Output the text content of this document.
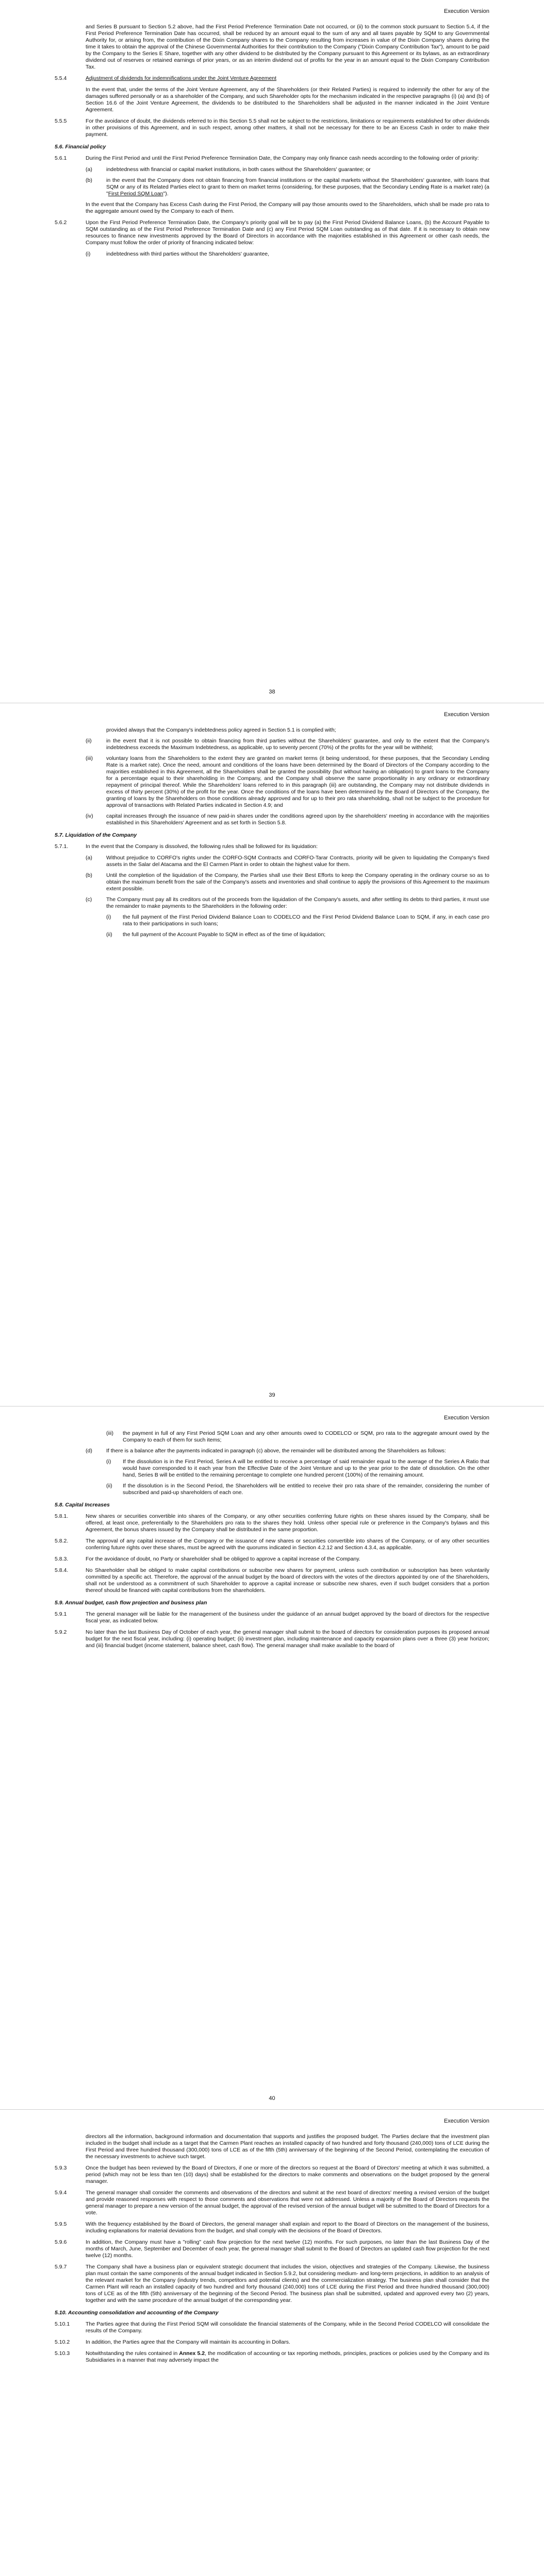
Execution Version
and Series B pursuant to Section 5.2 above, had the First Period Preference Termination Date not occurred, or (ii) to the common stock pursuant to Section 5.4, if the First Period Preference Termination Date has occurred, shall be reduced by an amount equal to the sum of any and all taxes payable by SQM to any Governmental Authority for, or arising from, the contribution of the Dixin Company shares to the Company resulting from increases in value of the Dixin Company shares during the time it takes to obtain the approval of the Chinese Governmental Authorities for their contribution to the Company ("Dixin Company Contribution Tax"), amount to be paid by the Company to the Series E Share, together with any other dividend to be distributed by the Company pursuant to this Agreement or its bylaws, as an extraordinary dividend out of reserves or retained earnings of prior years, or as an interim dividend out of profits for the year in an amount equal to the Dixin Company Contribution Tax.
5.5.4	Adjustment of dividends for indemnifications under the Joint Venture Agreement
In the event that, under the terms of the Joint Venture Agreement, any of the Shareholders (or their Related Parties) is required to indemnify the other for any of the damages suffered personally or as a shareholder of the Company, and such Shareholder opts for the mechanism indicated in the respective paragraphs (i) (a) and (b) of Section 16.6 of the Joint Venture Agreement, the dividends to be distributed to the Shareholders shall be adjusted in the manner indicated in the Joint Venture Agreement.
5.5.5	For the avoidance of doubt, the dividends referred to in this Section 5.5 shall not be subject to the restrictions, limitations or requirements established for other dividends in other provisions of this Agreement, and in such respect, among other matters, it shall not be necessary for there to be an Excess Cash in order to make their payment.
5.6. Financial policy
5.6.1	During the First Period and until the First Period Preference Termination Date, the Company may only finance cash needs according to the following order of priority:
(a)	indebtedness with financial or capital market institutions, in both cases without the Shareholders' guarantee; or
(b)	in the event that the Company does not obtain financing from financial institutions or the capital markets without the Shareholders' guarantee, with loans that SQM or any of its Related Parties elect to grant to them on market terms (considering, for these purposes, that the Secondary Lending Rate is a market rate) (a "First Period SQM Loan").
In the event that the Company has Excess Cash during the First Period, the Company will pay those amounts owed to the Shareholders, which shall be made pro rata to the aggregate amount owed by the Company to each of them.
5.6.2	Upon the First Period Preference Termination Date, the Company's priority goal will be to pay (a) the First Period Dividend Balance Loans, (b) the Account Payable to SQM outstanding as of the First Period Preference Termination Date and (c) any First Period SQM Loan outstanding as of that date. If it is necessary to obtain new resources to finance new investments approved by the Board of Directors in accordance with the majorities established in this Agreement or other cash needs, the Company must follow the order of priority of financing indicated below:
(i)	indebtedness with third parties without the Shareholders' guarantee,
38
Execution Version
provided always that the Company's indebtedness policy agreed in Section 5.1 is complied with;
(ii)	in the event that it is not possible to obtain financing from third parties without the Shareholders' guarantee, and only to the extent that the Company's indebtedness exceeds the Maximum Indebtedness, as applicable, up to seventy percent (70%) of the profits for the year will be withheld;
(iii) voluntary loans from the Shareholders to the extent they are granted on market terms (it being understood, for these purposes, that the Secondary Lending Rate is a market rate). Once the need, amount and conditions of the loans have been determined by the Board of Directors of the Company according to the majorities established in this Agreement, all the Shareholders shall be granted the possibility (but without having an obligation) to grant loans to the Company for a percentage equal to their shareholding in the Company, and the Company shall observe the same proportionality in any ordinary or extraordinary repayment of principal thereof. While the Shareholders' loans referred to in this paragraph (iii) are outstanding, the Company may not distribute dividends in excess of thirty percent (30%) of the profit for the year. Once the conditions of the loans have been determined by the Board of Directors of the Company, the granting of loans by the Shareholders on those conditions already approved and for up to their pro rata shareholding, shall not be subject to the procedure for approval of transactions with Related Parties indicated in Section 4.9; and
(iv) capital increases through the issuance of new paid-in shares under the conditions agreed upon by the shareholders' meeting in accordance with the majorities established in this Shareholders' Agreement and as set forth in Section 5.8.
5.7. Liquidation of the Company
5.7.1.	In the event that the Company is dissolved, the following rules shall be followed for its liquidation:
(a)	Without prejudice to CORFO's rights under the CORFO-SQM Contracts and CORFO-Tarar Contracts, priority will be given to liquidating the Company's fixed assets in the Salar del Atacama and the El Carmen Plant in order to obtain the highest value for them.
(b)	Until the completion of the liquidation of the Company, the Parties shall use their Best Efforts to keep the Company operating in the ordinary course so as to obtain the maximum benefit from the sale of the Company's assets and inventories and shall continue to apply the provisions of this Agreement to the maximum extent possible.
(c)	The Company must pay all its creditors out of the proceeds from the liquidation of the Company's assets, and after settling its debts to third parties, it must use the remainder to make payments to the Shareholders in the following order:
(i) the full payment of the First Period Dividend Balance Loan to CODELCO and the First Period Dividend Balance Loan to SQM, if any, in each case pro rata to their participations in such loans;
(ii) the full payment of the Account Payable to SQM in effect as of the time of liquidation;
39
Execution Version
(iii) the payment in full of any First Period SQM Loan and any other amounts owed to CODELCO or SQM, pro rata to the aggregate amount owed by the Company to each of them for such items;
(d)	If there is a balance after the payments indicated in paragraph (c) above, the remainder will be distributed among the Shareholders as follows:
(i) If the dissolution is in the First Period, Series A will be entitled to receive a percentage of said remainder equal to the average of the Series A Ratio that would have corresponded to it each year from the Effective Date of the Joint Venture and up to the year prior to the date of dissolution. On the other hand, Series B will be entitled to the remaining percentage to complete one hundred percent (100%) of the remaining amount.
(ii) If the dissolution is in the Second Period, the Shareholders will be entitled to receive their pro rata share of the remainder, considering the number of subscribed and paid-up shareholders of each one.
5.8. Capital Increases
5.8.1.	New shares or securities convertible into shares of the Company, or any other securities conferring future rights on these shares issued by the Company, shall be offered, at least once, preferentially to the Shareholders pro rata to the shares they hold. Unless other special rule or preference in the Company's bylaws and this Agreement, the bonus shares issued by the Company shall be distributed in the same proportion.
5.8.2.	The approval of any capital increase of the Company or the issuance of new shares or securities convertible into shares of the Company, or of any other securities conferring future rights over these shares, must be agreed with the quorums indicated in Section 4.2.12 and Section 4.3.4, as applicable.
5.8.3.	For the avoidance of doubt, no Party or shareholder shall be obliged to approve a capital increase of the Company.
5.8.4.	No Shareholder shall be obliged to make capital contributions or subscribe new shares for payment, unless such contribution or subscription has been voluntarily committed by a specific act. Therefore, the approval of the annual budget by the board of directors with the votes of the directors appointed by one of the Shareholders, shall not be understood as a commitment of such Shareholder to approve a capital increase or subscribe new shares, even if such budget considers that a portion thereof should be financed with capital contributions from the shareholders.
5.9. Annual budget, cash flow projection and business plan
5.9.1	The general manager will be liable for the management of the business under the guidance of an annual budget approved by the board of directors for the respective fiscal year, as indicated below.
5.9.2	No later than the last Business Day of October of each year, the general manager shall submit to the board of directors for consideration purposes its proposed annual budget for the next fiscal year, including: (i) operating budget; (ii) investment plan, including maintenance and capacity expansion plans over a three (3) year horizon; and (iii) financial budget (income statement, balance sheet, cash flow). The general manager shall make available to the board of
40
Execution Version
directors all the information, background information and documentation that supports and justifies the proposed budget. The Parties declare that the investment plan included in the budget shall include as a target that the Carmen Plant reaches an installed capacity of two hundred and forty thousand (240,000) tons of LCE during the First Period and three hundred thousand (300,000) tons of LCE as of the fifth (5th) anniversary of the beginning of the Second Period, contemplating the execution of the necessary investments to achieve such target.
5.9.3	Once the budget has been reviewed by the Board of Directors, if one or more of the directors so request at the Board of Directors' meeting at which it was submitted, a period (which may not be less than ten (10) days) shall be established for the directors to make comments and observations on the budget proposed by the general manager.
5.9.4	The general manager shall consider the comments and observations of the directors and submit at the next board of directors' meeting a revised version of the budget and provide reasoned responses with respect to those comments and observations that were not addressed. Unless a majority of the Board of Directors requests the general manager to prepare a new version of the annual budget, the approval of the revised version of the annual budget will be submitted to the Board of Directors for a vote.
5.9.5	With the frequency established by the Board of Directors, the general manager shall explain and report to the Board of Directors on the management of the business, including explanations for material deviations from the budget, and shall comply with the decisions of the Board of Directors.
5.9.6	In addition, the Company must have a "rolling" cash flow projection for the next twelve (12) months. For such purposes, no later than the last Business Day of the months of March, June, September and December of each year, the general manager shall submit to the Board of Directors an updated cash flow projection for the next twelve (12) months.
5.9.7	The Company shall have a business plan or equivalent strategic document that includes the vision, objectives and strategies of the Company. Likewise, the business plan must contain the same components of the annual budget indicated in Section 5.9.2, but considering medium- and long-term projections, in addition to an analysis of the relevant market for the Company (industry trends, competitors and potential clients) and the commercialization strategy. The business plan shall consider that the Carmen Plant will reach an installed capacity of two hundred and forty thousand (240,000) tons of LCE during the First Period and three hundred thousand (300,000) tons of LCE as of the fifth (5th) anniversary of the beginning of the Second Period. The business plan shall be submitted, updated and approved every two (2) years, together and with the same procedure of the annual budget of the corresponding year.
5.10. Accounting consolidation and accounting of the Company
5.10.1	The Parties agree that during the First Period SQM will consolidate the financial statements of the Company, while in the Second Period CODELCO will consolidate the results of the Company.
5.10.2	In addition, the Parties agree that the Company will maintain its accounting in Dollars.
5.10.3	Notwithstanding the rules contained in Annex 5.2, the modification of accounting or tax reporting methods, principles, practices or policies used by the Company and its Subsidiaries in a manner that may adversely impact the
